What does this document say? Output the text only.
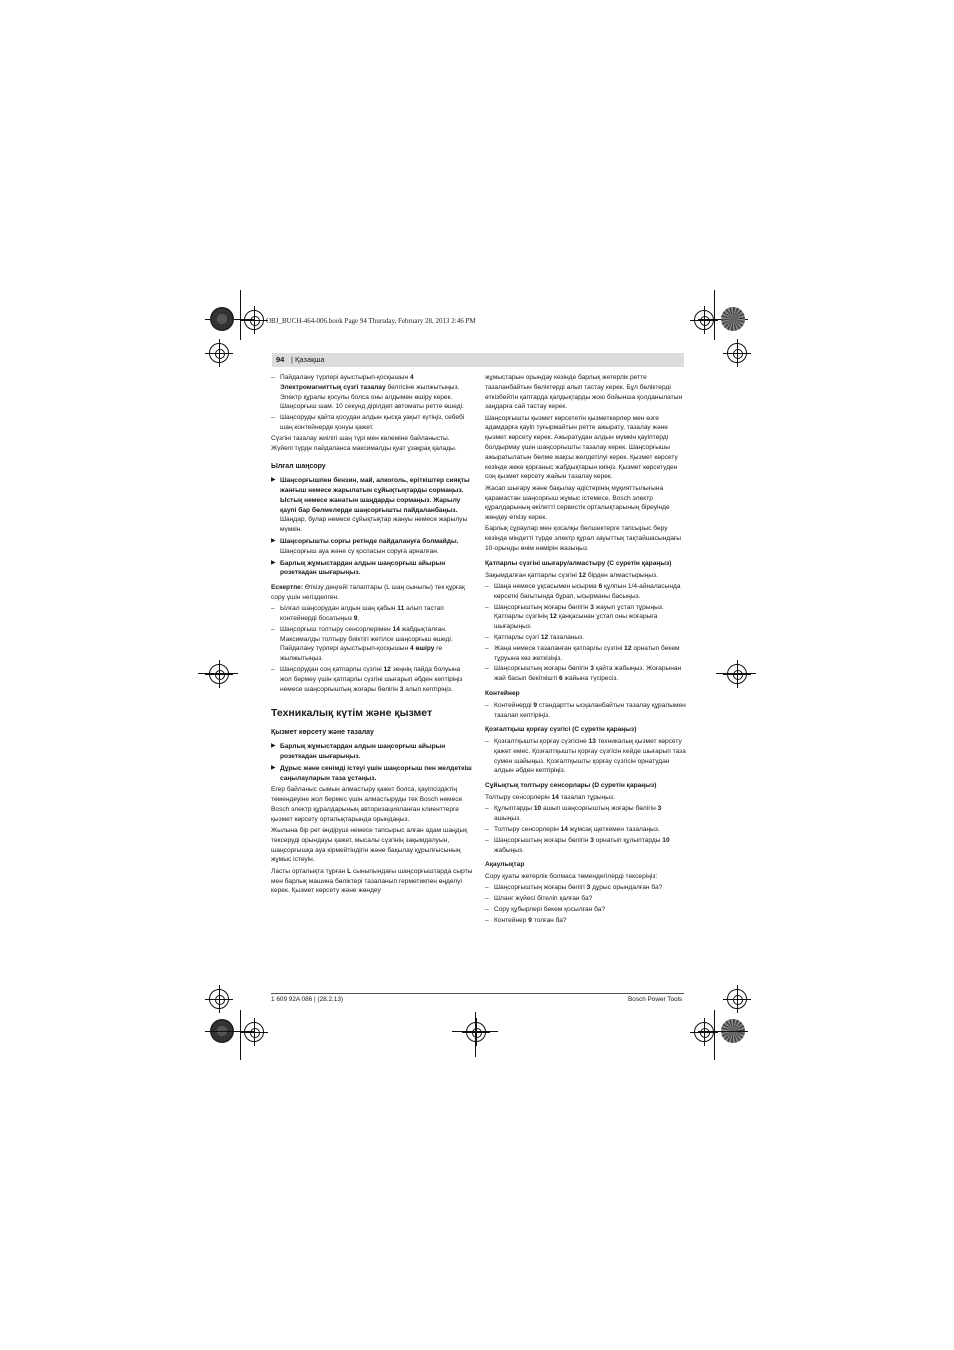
OBJ_BUCH-464-006.book Page 94 Thursday, February 28, 2013 2:46 PM
94 | Қазақша
– Пайдалану түрлері ауыстырып-қосқышын 4 Электромагниттық сүзгі тазалау белгісіне жылжытыңыз. Электр құралы қосулы болса оны алдымен өшіру керек.
Шаңсорғыш шам. 10 секунд дірілдеп автоматы ретте өшеді.
– Шаңсоруды қайта қосудан алдын қысқа уақыт күтіңіз, себебі шаң контейнерде қонуы қажет.

Сүзгіні тазалау жиілігі шаң түрі мен көлеміне байланысты. Жүйелі түрде пайдаланса максималды қуат ұзақрақ қалады.

Ылғал шаңсору
▶ Шаңсорғышпен бензин, май, алкоголь, еріткіштер сияқты жанғыш немесе жарылатын сұйықтықтарды сормаңыз. Ыстық немесе жанатын шаңдарды сормаңыз. Жарылу қаупі бар бөлмелерде шаңсорғышты пайдаланбаңыз. Шаңдар, булар немесе сұйықтықтар жануы немесе жарылуы мүмкін.
▶ Шаңсорғышты сорғы ретінде пайдалануға болмайды. Шаңсорғыш ауа және су қоспасын соруға арналған.
▶ Барлық жұмыстардан алдын шаңсорғыш айырын розеткадан шығарыңыз.

Ескертпе: Өткізу деңгейі талаптары (L шаң сыныпы) тек құрғақ сору үшін негізделген.

– Ылғал шаңсорудан алдын шаң қабын 11 алып тастап контейнерді босатыңыз 9.
– Шаңсорғыш толтыру сенсорлерімен 14 жабдықталған. Максималды толтыру биіктігі жетілсе шаңсорғыш өшеді. Пайдалану түрлері ауыстырып-қосқышын 4 өшіру ге жылжытыңыз.
– Шаңсорудан соң қатпарлы сүзгіні 12 зеңнің пайда болуына жол бермеу үшін қатпарлы сүзгіні шығарып әбден кептіріңіз немесе шаңсорғыштың жоғары бөлігін 3 алып кептіріңіз.
Техникалық күтім және қызмет
Қызмет көрсету және тазалау
▶ Барлық жұмыстардан алдын шаңсорғыш айырын розеткадан шығарыңыз.
▶ Дұрыс және сенімді істеуі үшін шаңсорғыш пен желдеткіш саңылауларын таза ұстаңыз.

Егер байланыс сымын алмастыру қажет болса, қауіпсіздіктің төмендеуіне жол бермес үшін алмастыруды тек Bosch немесе Bosch электр құралдарының авторизацияланған клиенттерге қызмет көрсету орталықтарында орындаңыз.

Жылына бір рет өндірушi немесе тапсырыс алған адам шаңдық тексеруді орындауы қажет, мысалы сүзгінің зақымдалуын, шаңсорғышқа ауа кірмейтіндігін және бақылау құрылғысының жұмыс істеуін.

Ласты орталықта тұрған L сыныпындағы шаңсорғыштарда сырты мен барлық машина бөліктері тазаланып герметикпен өңделуі керек. Қызмет көрсету және жөндеу

жұмыстарын орындау кезінде барлық жетерлік ретте тазаланбайтын бөліктерді алып тастау керек. Бұл бөліктерді өткізбейтін қаптарда қалдықтарды жою бойынша қолданылатын заңдарға сай тастау керек.

Шаңсорғышты қызмет көрсететін қызметкерлер мен өзге адамдарға қауіп туғырмайтын ретте ажырату, тазалау және қызмет көрсету керек. Ажыратудан алдын мүмкін қауіптерді болдырмау үшін шаңсорғышты тазалау керек. Шаңсорғышы ажыратылатын бөлме жақсы желдетілуі керек. Қызмет көрсету кезінде жеке қорғаныс жабдықтарын киіңіз. Қызмет көрсетуден соң қызмет көрсету жайын тазалау керек.

Жасап шығару және бақылау әдістерінің мұқияттылығына қарамастан шаңсорғыш жұмыс істемесе, Bosch электр құралдарының өкілетті сервистік орталықтарының біреуінде жөндеу өткізу керек.

Барлық сұраулар мен қосалқы бөлшектерге тапсырыс беру кезінде міндетті түрде электр құрал зауыттық тақтайшасындағы 10-орынды өнім нөмірін жазыңыз.

Қатпарлы сүзгіні шығару/алмастыру (С суретін қараңыз)

Зақымдалған қатпарлы сүзгіні 12 бірден алмастырыңыз.

– Шаңа немесе ұқсасымен ысырма 6 құлпын 1/4-айналасында көрсеткі бағытында бұрап, ысырманы басыңыз.
– Шаңсорғыштың жоғары бөлігін 3 жауып ұстап тұрыңыз. Қатпарлы сүзгінің 12 қанқасынан ұстап оны жоғарыға шығарыңыз.
– Қатпарлы сүзгі 12 тазаланыз.
– Жаңа немесе тазаланған қатпарлы сүзгіні 12 орнатып бекем тұруына көз жеткізіңіз.
– Шаңсорғыштың жоғары бөлігін 3 қайта жабыңыз. Жоғарынан жай басып бекіткішті 6 жайына түсіресіз.
Контейнер
– Контейнерді 9 стандартты ысқаланбайтын тазалау құралымен тазалап кептіріңіз.
Қозғалтқыш қорғау сүзгісі (С суретін қараңыз)
– Қозғалтқышты қорғау сүзгісіне 13 техникалық қызмет көрсету қажет емес. Қозғалтқышты қорғау сүзгісін кейде шығарып таза сумен шайыңыз. Қозғалтқышты қорғау сүзгісін орнатудан алдын әбден кептіріңіз.
Сұйықтық толтыру сенсорлары (D суретін қараңыз)

Толтыру сенсорлерін 14 тазалап тұрыңыз.

– Құлыптарды 10 ашып шаңсорғыштың жоғары бөлігін 3 ашыңыз.
– Толтыру сенсорлерін 14 жұмсақ щеткемен тазалаңыз.
– Шаңсорғыштың жоғары бөлігін 3 орнатып құлыптарды 10 жабыңыз.
Ақаулықтар

Сору қуаты жетерлік болмаса төмендегілерді тексеріңіз:

– Шаңсорғыштың жоғары бөлігі 3 дұрыс орындалған ба?
– Шланг жүйесі бітеліп қалған ба?
– Сору құбырлері бекем қосылған ба?
– Контейнер 9 толған ба?
1 609 92A 086 | (28.2.13)	Bosch Power Tools
